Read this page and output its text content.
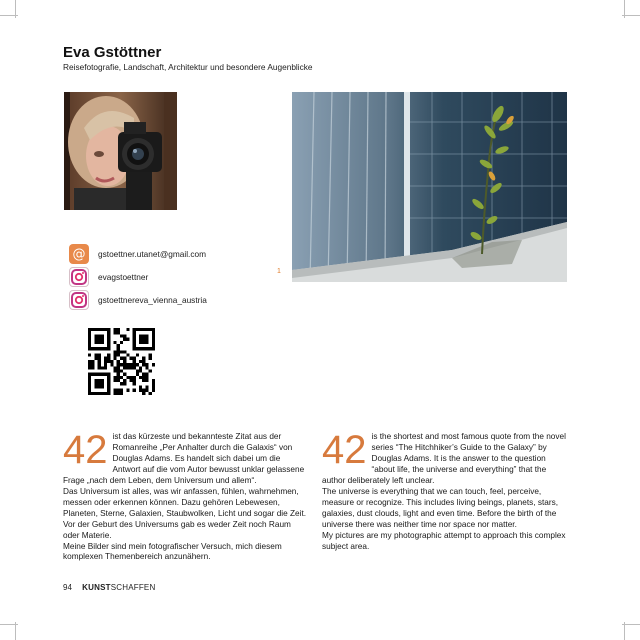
Eva Gstöttner
Reisefotografie, Landschaft, Architektur und besondere Augenblicke
1
@ gstoettner.utanet@gmail.com
evagstoettner
gstoettnereva_vienna_austria
42 ist das kürzeste und bekannteste Zitat aus der Romanreihe „Per Anhalter durch die Galaxis“ von Douglas Adams. Es handelt sich dabei um die Antwort auf die vom Autor bewusst unklar gelassene Frage „nach dem Leben, dem Universum und allem“.

Das Universum ist alles, was wir anfassen, fühlen, wahrnehmen, messen oder erkennen können. Dazu gehören Lebewesen, Planeten, Sterne, Galaxien, Staubwolken, Licht und sogar die Zeit. Vor der Geburt des Universums gab es weder Zeit noch Raum oder Materie.

Meine Bilder sind mein fotografischer Versuch, mich diesem komplexen Themenbereich anzunähern.

42 is the shortest and most famous quote from the novel series “The Hitchhiker’s Guide to the Galaxy” by Douglas Adams. It is the answer to the question “about life, the universe and everything” that the author deliberately left unclear.

The universe is everything that we can touch, feel, perceive, measure or recognize. This includes living beings, planets, stars, galaxies, dust clouds, light and even time. Before the birth of the universe there was neither time nor space nor matter.

My pictures are my photographic attempt to approach this complex subject area.

94 KUNSTSCHAFFEN
